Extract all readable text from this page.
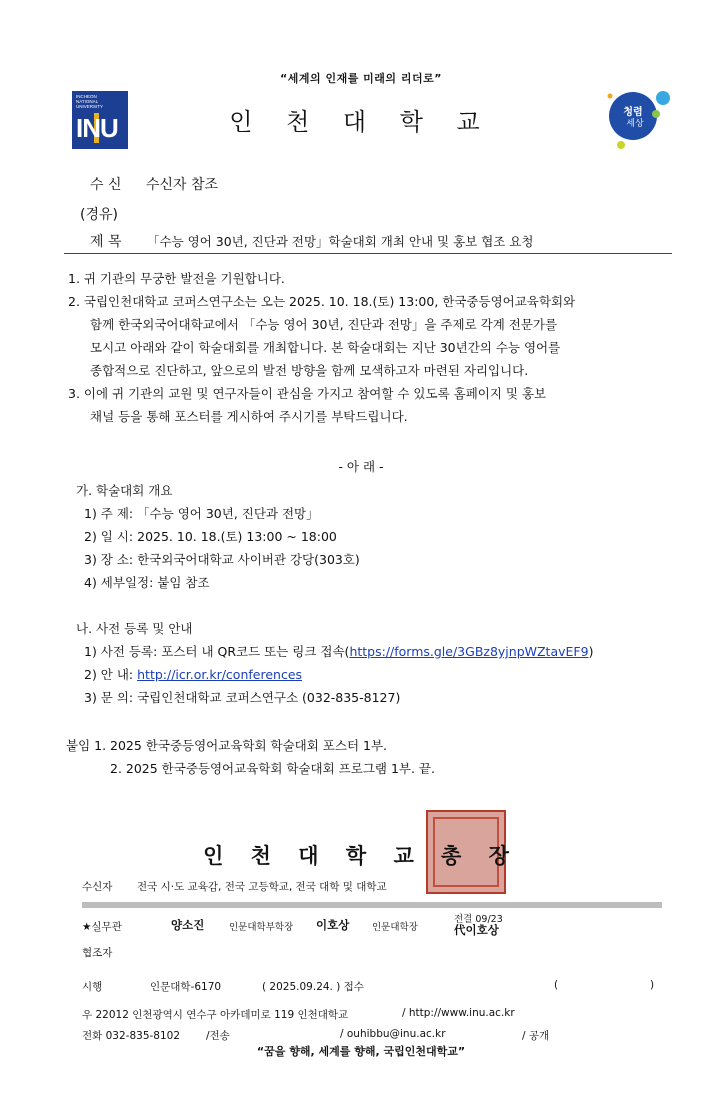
“세계의 인재를 미래의 리더로”
INCHEON
NATIONAL
UNIVERSITY
INU	인 천 대 학 교	청렴
세상
수 신 수신자 참조
(경유)
제 목 「수능 영어 30년, 진단과 전망」학술대회 개최 안내 및 홍보 협조 요청
1. 귀 기관의 무궁한 발전을 기원합니다.
2. 국립인천대학교 코퍼스연구소는 오는 2025. 10. 18.(토) 13:00, 한국중등영어교육학회와
함께 한국외국어대학교에서 「수능 영어 30년, 진단과 전망」을 주제로 각계 전문가를
모시고 아래와 같이 학술대회를 개최합니다. 본 학술대회는 지난 30년간의 수능 영어를
종합적으로 진단하고, 앞으로의 발전 방향을 함께 모색하고자 마련된 자리입니다.
3. 이에 귀 기관의 교원 및 연구자들이 관심을 가지고 참여할 수 있도록 홈페이지 및 홍보
채널 등을 통해 포스터를 게시하여 주시기를 부탁드립니다.
- 아 래 -
가. 학술대회 개요
1) 주 제: 「수능 영어 30년, 진단과 전망」
2) 일 시: 2025. 10. 18.(토) 13:00 ~ 18:00
3) 장 소: 한국외국어대학교 사이버관 강당(303호)
4) 세부일정: 붙임 참조
나. 사전 등록 및 안내
1) 사전 등록: 포스터 내 QR코드 또는 링크 접속(https://forms.gle/3GBz8yjnpWZtavEF9)
2) 안 내: http://icr.or.kr/conferences
3) 문 의: 국립인천대학교 코퍼스연구소 (032-835-8127)
붙임 1. 2025 한국중등영어교육학회 학술대회 포스터 1부.
2. 2025 한국중등영어교육학회 학술대회 프로그램 1부. 끝.
인 천 대 학 교 총 장
수신자 전국 시·도 교육감, 전국 고등학교, 전국 대학 및 대학교
★실무관	양소진	인문대학부학장 이호상 인문대학장
전결 09/23
代이호상
협조자
시행	인문대학-6170	( 2025.09.24. ) 접수	(	)
우 22012 인천광역시 연수구 아카데미로 119 인천대학교	/ http://www.inu.ac.kr
전화 032-835-8102 /전송	/ ouhibbu@inu.ac.kr	/ 공개
“꿈을 향해, 세계를 향해, 국립인천대학교”
